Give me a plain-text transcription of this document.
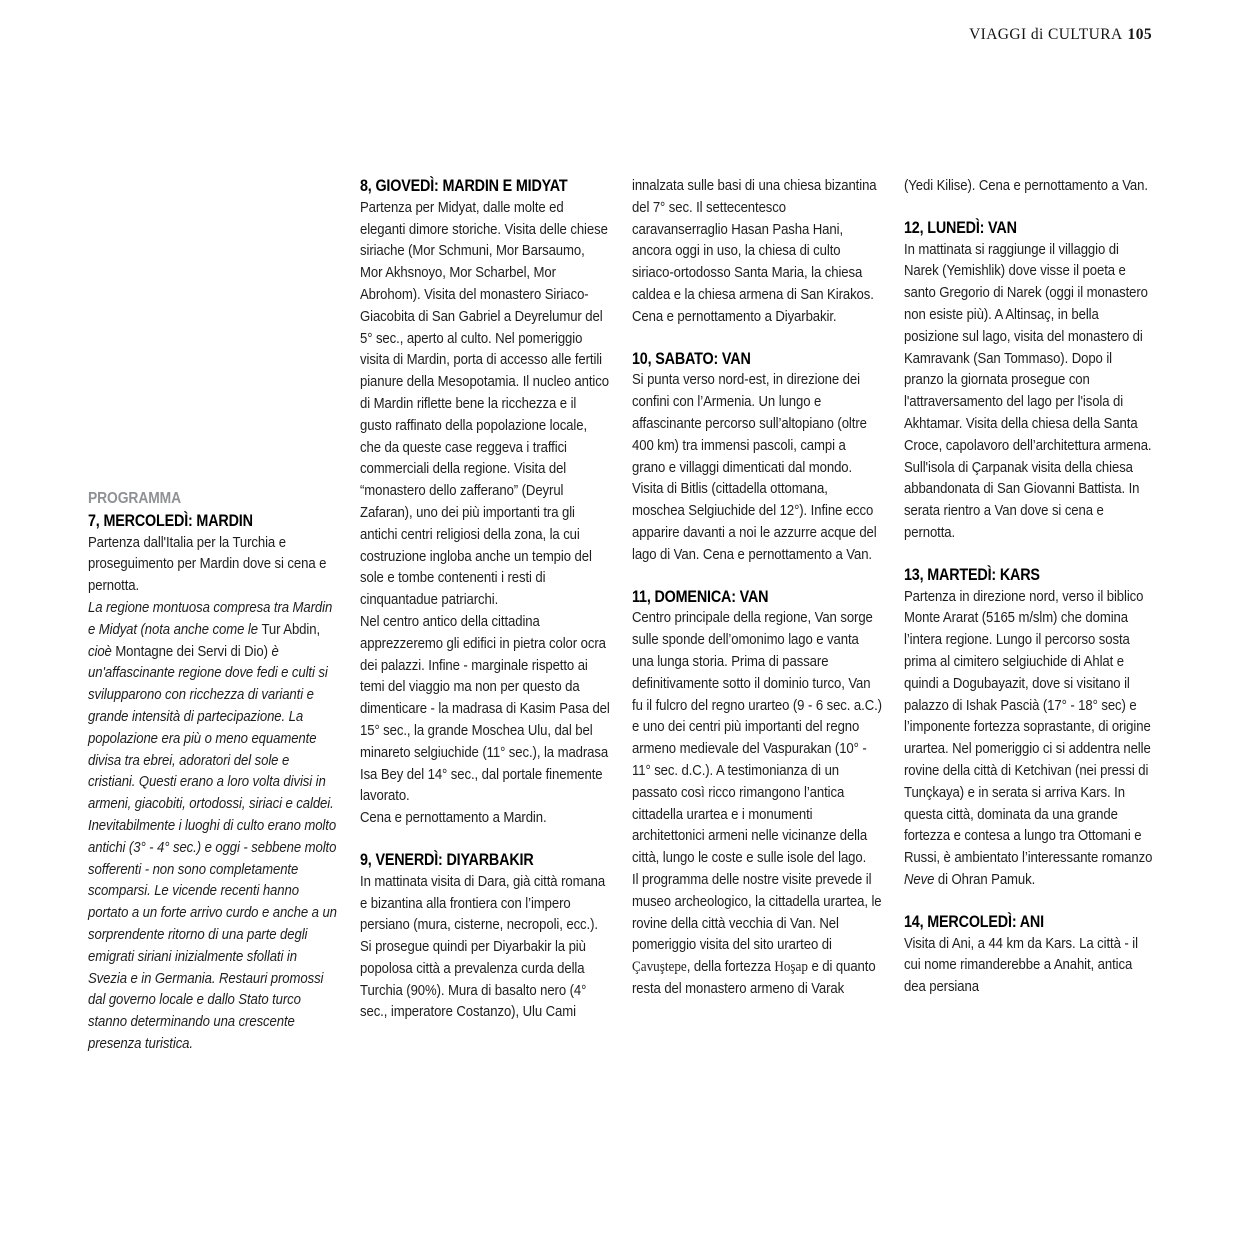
VIAGGI di CULTURA 105

PROGRAMMA

7, MERCOLEDÌ: MARDIN

Partenza dall'Italia per la Turchia e proseguimento per Mardin dove si cena e pernotta.

La regione montuosa compresa tra Mardin e Midyat (nota anche come le Tur Abdin, cioè Montagne dei Servi di Dio) è un'affascinante regione dove fedi e culti si svilupparono con ricchezza di varianti e grande intensità di partecipazione. La popolazione era più o meno equamente divisa tra ebrei, adoratori del sole e cristiani. Questi erano a loro volta divisi in armeni, giacobiti, ortodossi, siriaci e caldei. Inevitabilmente i luoghi di culto erano molto antichi (3° - 4° sec.) e oggi - sebbene molto sofferenti - non sono completamente scomparsi. Le vicende recenti hanno portato a un forte arrivo curdo e anche a un sorprendente ritorno di una parte degli emigrati siriani inizialmente sfollati in Svezia e in Germania. Restauri promossi dal governo locale e dallo Stato turco stanno determinando una crescente presenza turistica.

8, GIOVEDÌ: MARDIN E MIDYAT

Partenza per Midyat, dalle molte ed eleganti dimore storiche. Visita delle chiese siriache (Mor Schmuni, Mor Barsaumo, Mor Akhsnoyo, Mor Scharbel, Mor Abrohom). Visita del monastero Siriaco-Giacobita di San Gabriel a Deyrelumur del 5° sec., aperto al culto. Nel pomeriggio visita di Mardin, porta di accesso alle fertili pianure della Mesopotamia. Il nucleo antico di Mardin riflette bene la ricchezza e il gusto raffinato della popolazione locale, che da queste case reggeva i traffici commerciali della regione. Visita del “monastero dello zafferano” (Deyrul Zafaran), uno dei più importanti tra gli antichi centri religiosi della zona, la cui costruzione ingloba anche un tempio del sole e tombe contenenti i resti di cinquantadue patriarchi.

Nel centro antico della cittadina apprezzeremo gli edifici in pietra color ocra dei palazzi. Infine - marginale rispetto ai temi del viaggio ma non per questo da dimenticare - la madrasa di Kasim Pasa del 15° sec., la grande Moschea Ulu, dal bel minareto selgiuchide (11° sec.), la madrasa Isa Bey del 14° sec., dal portale finemente lavorato.

Cena e pernottamento a Mardin.

9, VENERDÌ: DIYARBAKIR

In mattinata visita di Dara, già città romana e bizantina alla frontiera con l’impero persiano (mura, cisterne, necropoli, ecc.). Si prosegue quindi per Diyarbakir la più popolosa città a prevalenza curda della Turchia (90%). Mura di basalto nero (4° sec., imperatore Costanzo), Ulu Cami

innalzata sulle basi di una chiesa bizantina del 7° sec. Il settecentesco caravanserraglio Hasan Pasha Hani, ancora oggi in uso, la chiesa di culto siriaco-ortodosso Santa Maria, la chiesa caldea e la chiesa armena di San Kirakos. Cena e pernottamento a Diyarbakir.

10, SABATO: VAN

Si punta verso nord-est, in direzione dei confini con l’Armenia. Un lungo e affascinante percorso sull’altopiano (oltre 400 km) tra immensi pascoli, campi a grano e villaggi dimenticati dal mondo. Visita di Bitlis (cittadella ottomana, moschea Selgiuchide del 12°). Infine ecco apparire davanti a noi le azzurre acque del lago di Van. Cena e pernottamento a Van.

11, DOMENICA: VAN

Centro principale della regione, Van sorge sulle sponde dell’omonimo lago e vanta una lunga storia. Prima di passare definitivamente sotto il dominio turco, Van fu il fulcro del regno urarteo (9 - 6 sec. a.C.) e uno dei centri più importanti del regno armeno medievale del Vaspurakan (10° - 11° sec. d.C.). A testimonianza di un passato così ricco rimangono l’antica cittadella urartea e i monumenti architettonici armeni nelle vicinanze della città, lungo le coste e sulle isole del lago.

Il programma delle nostre visite prevede il museo archeologico, la cittadella urartea, le rovine della città vecchia di Van. Nel pomeriggio visita del sito urarteo di Çavuştepe, della fortezza Hoşap e di quanto resta del monastero armeno di Varak

(Yedi Kilise). Cena e pernottamento a Van.

12, LUNEDÌ: VAN

In mattinata si raggiunge il villaggio di Narek (Yemishlik) dove visse il poeta e santo Gregorio di Narek (oggi il monastero non esiste più). A Altinsaç, in bella posizione sul lago, visita del monastero di Kamravank (San Tommaso). Dopo il pranzo la giornata prosegue con l'attraversamento del lago per l'isola di Akhtamar. Visita della chiesa della Santa Croce, capolavoro dell’architettura armena. Sull'isola di Çarpanak visita della chiesa abbandonata di San Giovanni Battista. In serata rientro a Van dove si cena e pernotta.

13, MARTEDÌ: KARS

Partenza in direzione nord, verso il biblico Monte Ararat (5165 m/slm) che domina l’intera regione. Lungo il percorso sosta prima al cimitero selgiuchide di Ahlat e quindi a Dogubayazit, dove si visitano il palazzo di Ishak Pascià (17° - 18° sec) e l’imponente fortezza soprastante, di origine urartea. Nel pomeriggio ci si addentra nelle rovine della città di Ketchivan (nei pressi di Tunçkaya) e in serata si arriva Kars. In questa città, dominata da una grande fortezza e contesa a lungo tra Ottomani e Russi, è ambientato l’interessante romanzo Neve di Ohran Pamuk.

14, MERCOLEDÌ: ANI

Visita di Ani, a 44 km da Kars. La città - il cui nome rimanderebbe a Anahit, antica dea persiana
